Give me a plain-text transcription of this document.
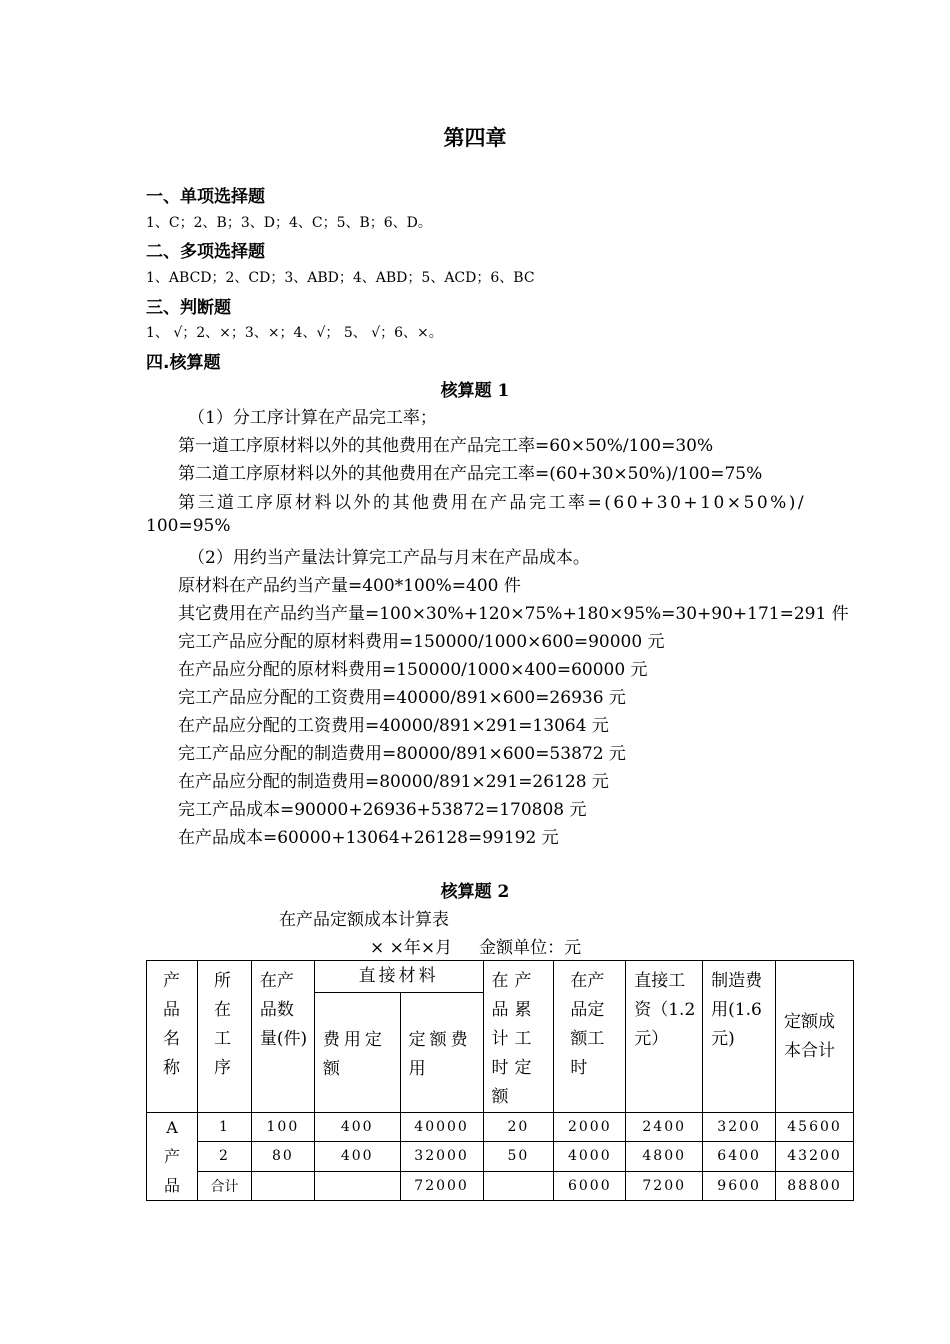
第四章
一、单项选择题
1、C；2、B；3、D；4、C；5、B；6、D。
二、多项选择题
1、ABCD；2、CD；3、ABD；4、ABD；5、ACD；6、BC
三、判断题
1、 √；2、×；3、×；4、√； 5、 √；6、×。
四.核算题
核算题 1
（1）分工序计算在产品完工率；
第一道工序原材料以外的其他费用在产品完工率=60×50%/100=30%
第二道工序原材料以外的其他费用在产品完工率=(60+30×50%)/100=75%
第三道工序原材料以外的其他费用在产品完工率=(60+30+10×50%)/
100=95%
（2）用约当产量法计算完工产品与月末在产品成本。
原材料在产品约当产量=400*100%=400 件
其它费用在产品约当产量=100×30%+120×75%+180×95%=30+90+171=291 件
完工产品应分配的原材料费用=150000/1000×600=90000 元
在产品应分配的原材料费用=150000/1000×400=60000 元
完工产品应分配的工资费用=40000/891×600=26936 元
在产品应分配的工资费用=40000/891×291=13064 元
完工产品应分配的制造费用=80000/891×600=53872 元
在产品应分配的制造费用=80000/891×291=26128 元
完工产品成本=90000+26936+53872=170808 元
在产品成本=60000+13064+26128=99192 元
核算题 2
在产品定额成本计算表
× ×年×月     金额单位：元
产品名称	所在工序	在产品数量(件)	直接材料		在产品累计工时定额	在产品定额工时	直接工资（1.2元）	制造费用(1.6元)	定额成本合计

			费用定额	定额费用					

A产品	1	100	400	40000	20	2000	2400	3200	45600
	2	80	400	32000	50	4000	4800	6400	43200
	合计			72000		6000	7200	9600	88800
